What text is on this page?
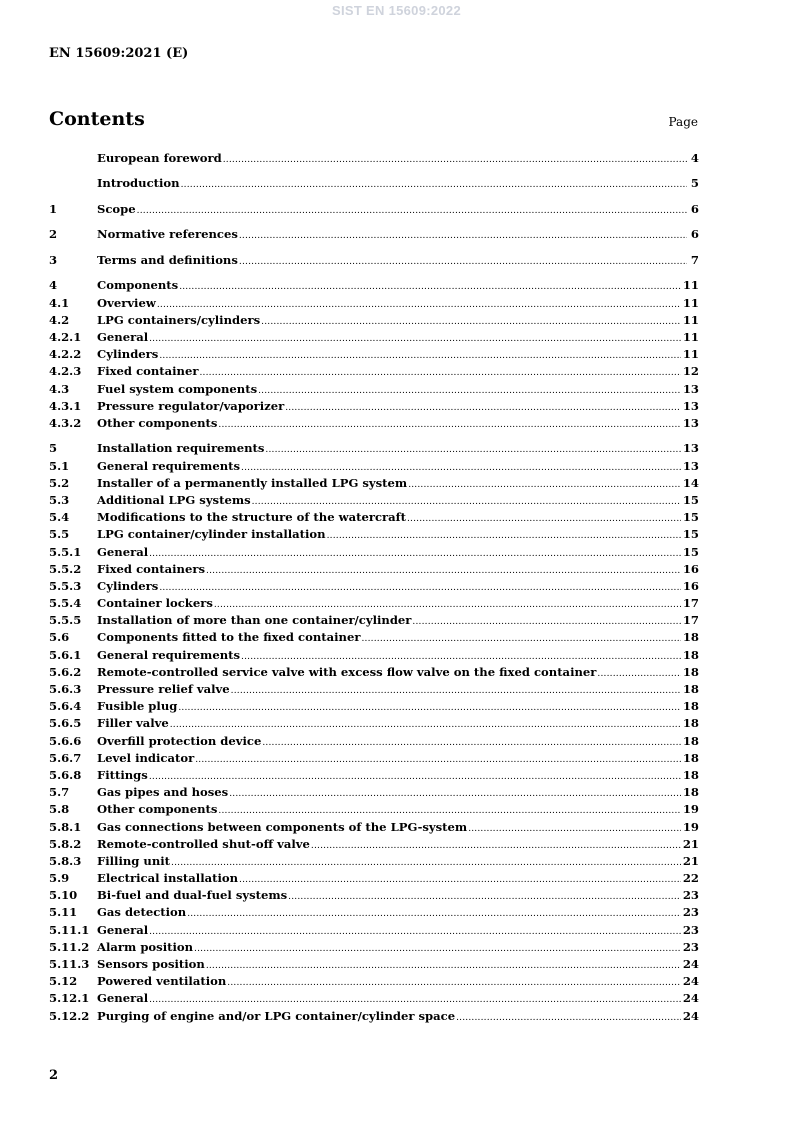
SIST EN 15609:2022
EN 15609:2021 (E)
Contents	Page
European foreword .....	4
Introduction .....	5
1	Scope .....	6
2	Normative references .....	6
3	Terms and definitions .....	7
4	Components .....	11
4.1	Overview .....	11
4.2	LPG containers/cylinders .....	11
4.2.1	General .....	11
4.2.2	Cylinders .....	11
4.2.3	Fixed container .....	12
4.3	Fuel system components .....	13
4.3.1	Pressure regulator/vaporizer .....	13
4.3.2	Other components .....	13
5	Installation requirements .....	13
5.1	General requirements .....	13
5.2	Installer of a permanently installed LPG system .....	14
5.3	Additional LPG systems .....	15
5.4	Modifications to the structure of the watercraft .....	15
5.5	LPG container/cylinder installation .....	15
5.5.1	General .....	15
5.5.2	Fixed containers .....	16
5.5.3	Cylinders .....	16
5.5.4	Container lockers .....	17
5.5.5	Installation of more than one container/cylinder .....	17
5.6	Components fitted to the fixed container .....	18
5.6.1	General requirements .....	18
5.6.2	Remote-controlled service valve with excess flow valve on the fixed container .....	18
5.6.3	Pressure relief valve .....	18
5.6.4	Fusible plug .....	18
5.6.5	Filler valve .....	18
5.6.6	Overfill protection device .....	18
5.6.7	Level indicator .....	18
5.6.8	Fittings .....	18
5.7	Gas pipes and hoses .....	18
5.8	Other components .....	19
5.8.1	Gas connections between components of the LPG-system .....	19
5.8.2	Remote-controlled shut-off valve .....	21
5.8.3	Filling unit .....	21
5.9	Electrical installation .....	22
5.10	Bi-fuel and dual-fuel systems .....	23
5.11	Gas detection .....	23
5.11.1 General .....	23
5.11.2 Alarm position .....	23
5.11.3 Sensors position .....	24
5.12	Powered ventilation .....	24
5.12.1 General .....	24
5.12.2 Purging of engine and/or LPG container/cylinder space .....	24
2
